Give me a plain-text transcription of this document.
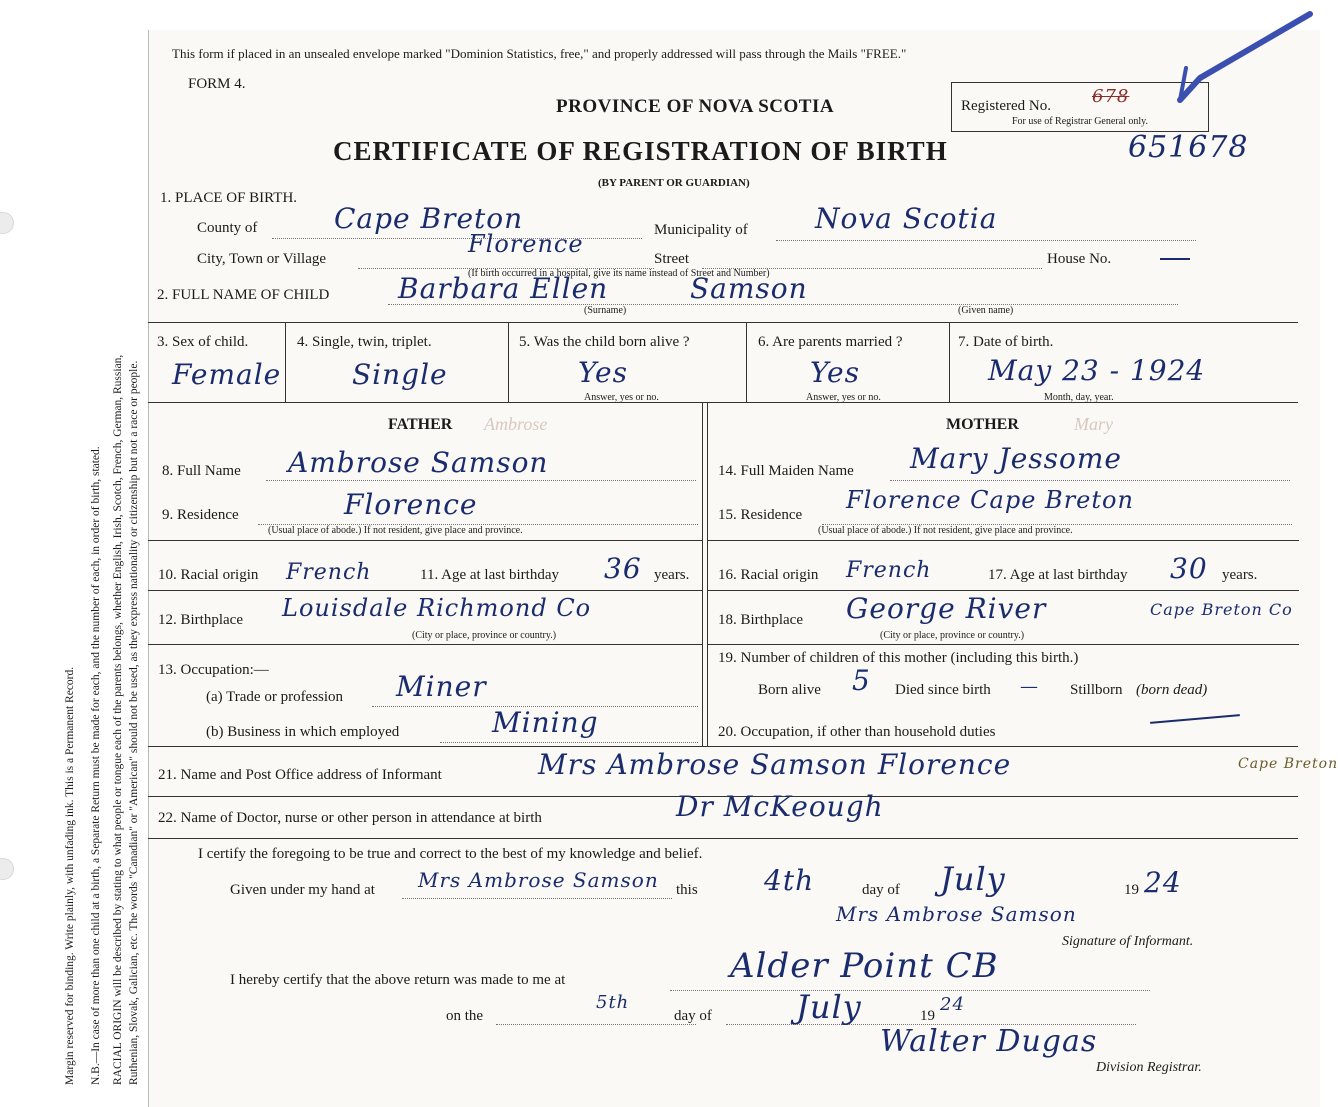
Margin reserved for binding. Write plainly, with unfading ink. This is a Permanent Record. N.B.—In case of more than one child at a birth, a Separate Return must be made for each, and the number of each, in order of birth, stated. RACIAL ORIGIN will be described by stating to what people or tongue each of the parents belongs, whether English, Irish, Scotch, French, German, Russian, Ruthenian, Slovak, Galician, etc. The words "Canadian" or "American" should not be used, as they express nationality or citizenship but not a race or people.
This form if placed in an unsealed envelope marked "Dominion Statistics, free," and properly addressed will pass through the Mails "FREE."
FORM 4.
PROVINCE OF NOVA SCOTIA
CERTIFICATE OF REGISTRATION OF BIRTH
(BY PARENT OR GUARDIAN)
Registered No. 678
For use of Registrar General only.
651678
1. PLACE OF BIRTH.
County of	Cape Breton	Municipality of Nova Scotia
City, Town or Village
Florence
Street	House No.
(If birth occurred in a hospital, give its name instead of Street and Number)
2. FULL NAME OF CHILD Barbara Ellen	Samson
(Surname)	(Given name)
3. Sex of child.
Female
4. Single, twin, triplet.
Single
5. Was the child born alive ?
Yes
Answer, yes or no.
6. Are parents married ?
Yes
Answer, yes or no.
7. Date of birth.
May 23 - 1924
Month, day, year.
FATHER Ambrose	MOTHER	Mary
8. Full Name Ambrose Samson
9. Residence	Florence
(Usual place of abode.) If not resident, give place and province.
10. Racial origin French	11. Age at last birthday 36 years.
12. Birthplace Louisdale Richmond Co
(City or place, province or country.)
13. Occupation:—
(a) Trade or profession Miner
(b) Business in which employed	Mining
14. Full Maiden Name Mary Jessome
15. Residence
Florence Cape Breton
(Usual place of abode.) If not resident, give place and province.
16. Racial origin French	17. Age at last birthday 30 years.
18. Birthplace George River	Cape Breton Co
(City or place, province or country.)
19. Number of children of this mother (including this birth.)
Born alive 5 Died since birth — Stillborn (born dead)
20. Occupation, if other than household duties
21. Name and Post Office address of Informant	Mrs Ambrose Samson Florence	Cape Breton
22. Name of Doctor, nurse or other person in attendance at birth	Dr McKeough
I certify the foregoing to be true and correct to the best of my knowledge and belief.
Given under my hand at Mrs Ambrose Samson this 4th	day of July	19 24
Mrs Ambrose Samson
Signature of Informant.
I hereby certify that the above return was made to me at	Alder Point CB
on the
5th
day of	July	19
24
Walter Dugas
Division Registrar.
